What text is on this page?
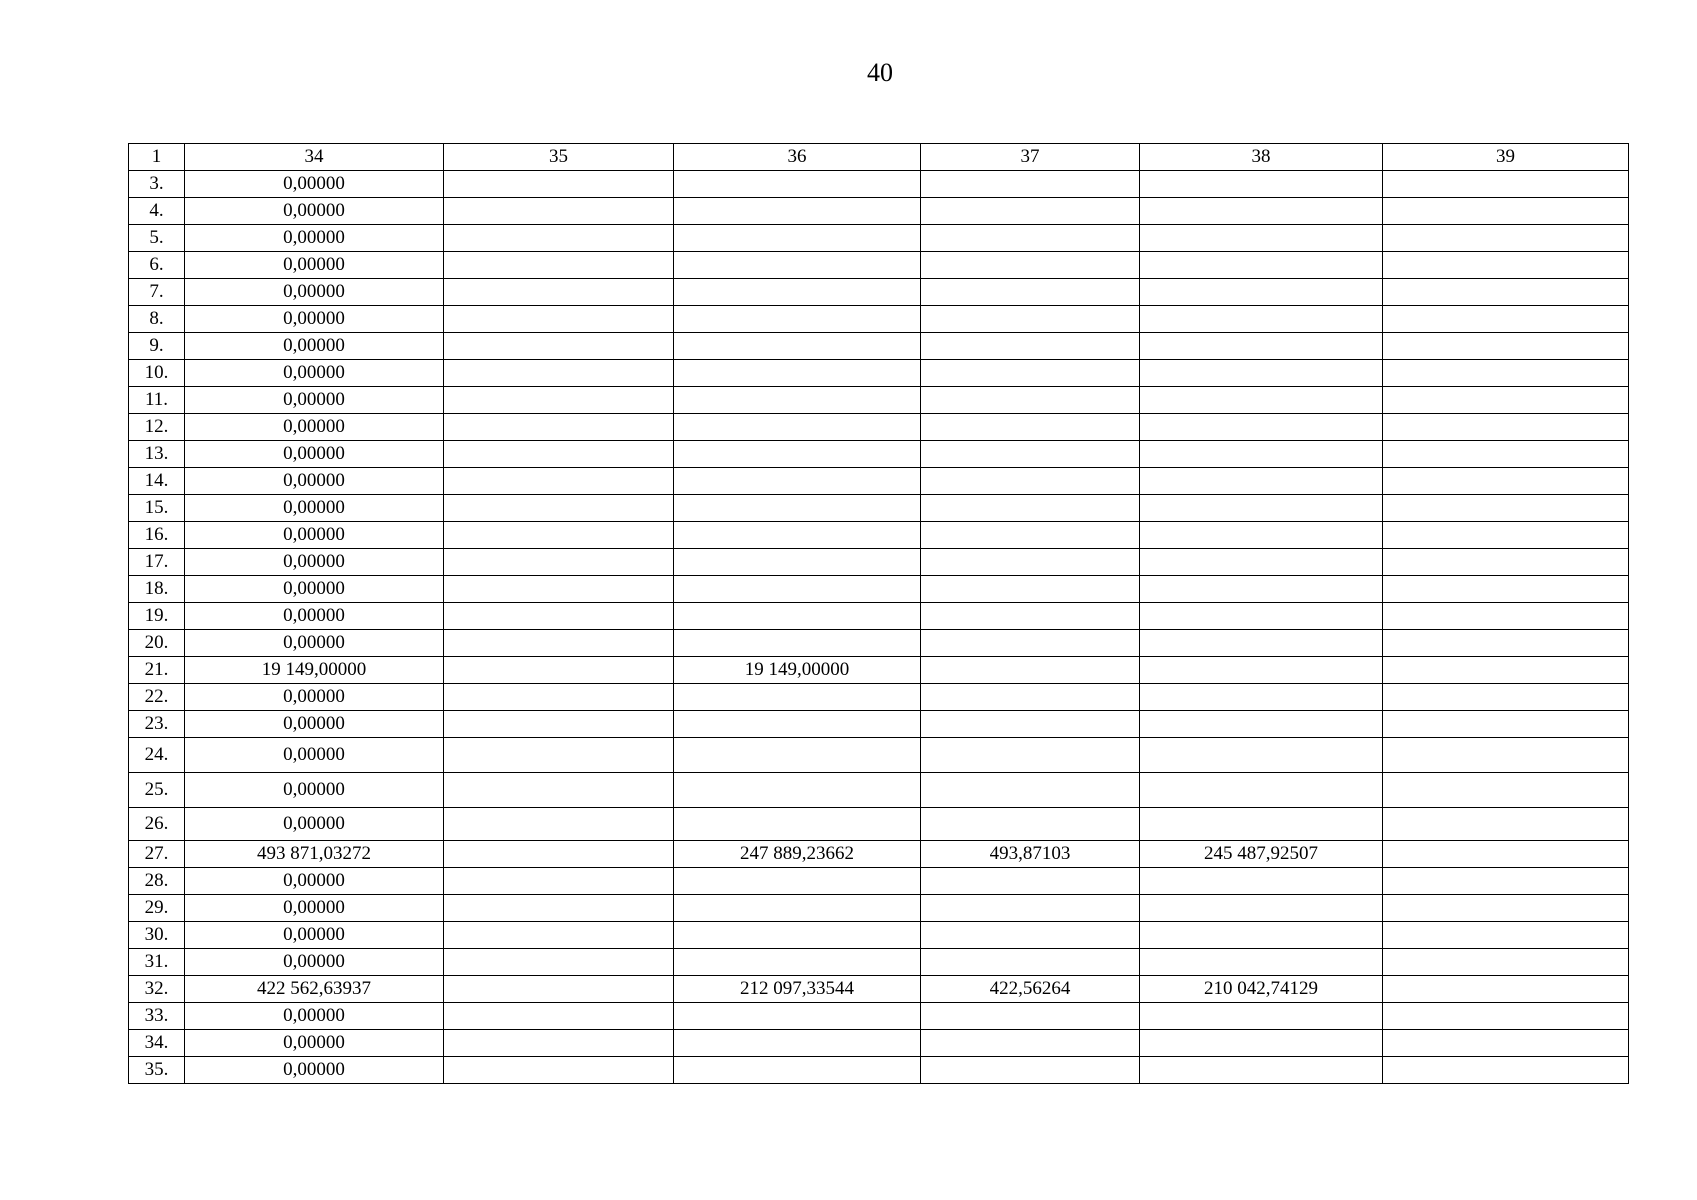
40
1	34	35	36	37	38	39
3.	0,00000					
4.	0,00000					
5.	0,00000					
6.	0,00000					
7.	0,00000					
8.	0,00000					
9.	0,00000					
10.	0,00000					
11.	0,00000					
12.	0,00000					
13.	0,00000					
14.	0,00000					
15.	0,00000					
16.	0,00000					
17.	0,00000					
18.	0,00000					
19.	0,00000					
20.	0,00000					
21.	19 149,00000		19 149,00000			
22.	0,00000					
23.	0,00000					
24.	0,00000					
25.	0,00000					
26.	0,00000					
27.	493 871,03272		247 889,23662	493,87103	245 487,92507	
28.	0,00000					
29.	0,00000					
30.	0,00000					
31.	0,00000					
32.	422 562,63937		212 097,33544	422,56264	210 042,74129	
33.	0,00000					
34.	0,00000					
35.	0,00000					
